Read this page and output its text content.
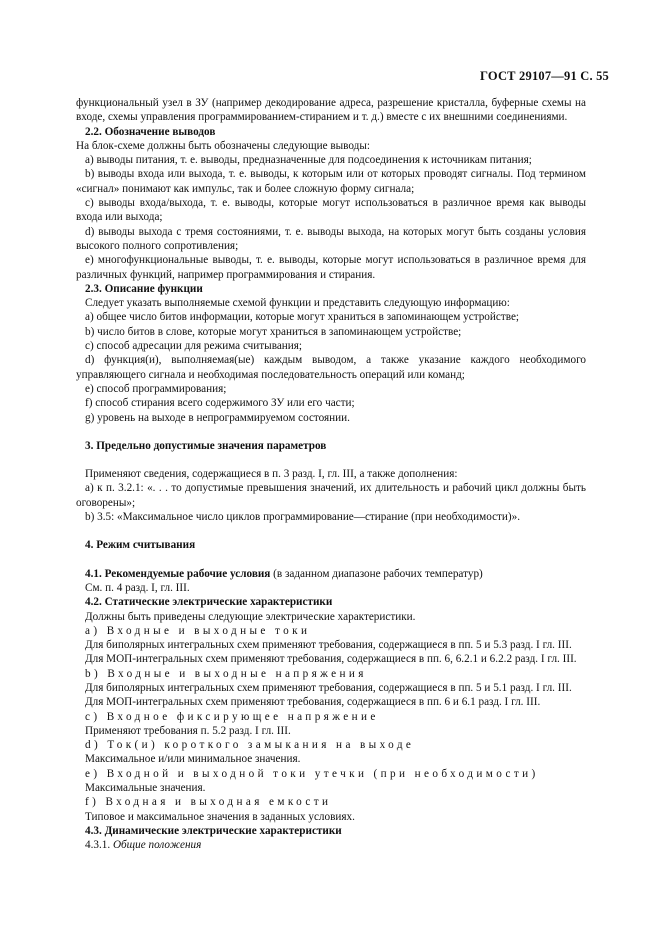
ГОСТ 29107—91 С. 55

функциональный узел в ЗУ (например декодирование адреса, разрешение кристалла, буферные схемы на входе, схемы управления программированием-стиранием и т. д.) вместе с их внешними соединениями.

2.2. Обозначение выводов

На блок-схеме должны быть обозначены следующие выводы:

a) выводы питания, т. е. выводы, предназначенные для подсоединения к источникам питания;

b) выводы входа или выхода, т. е. выводы, к которым или от которых проводят сигналы. Под термином «сигнал» понимают как импульс, так и более сложную форму сигнала;

c) выводы входа/выхода, т. е. выводы, которые могут использоваться в различное время как выводы входа или выхода;

d) выводы выхода с тремя состояниями, т. е. выводы выхода, на которых могут быть созданы условия высокого полного сопротивления;

e) многофункциональные выводы, т. е. выводы, которые могут использоваться в различное время для различных функций, например программирования и стирания.

2.3. Описание функции

Следует указать выполняемые схемой функции и представить следующую информацию:

a) общее число битов информации, которые могут храниться в запоминающем устройстве;

b) число битов в слове, которые могут храниться в запоминающем устройстве;

c) способ адресации для режима считывания;

d) функция(и), выполняемая(ые) каждым выводом, а также указание каждого необходимого управляющего сигнала и необходимая последовательность операций или команд;

e) способ программирования;

f) способ стирания всего содержимого ЗУ или его части;

g) уровень на выходе в непрограммируемом состоянии.

3. Предельно допустимые значения параметров

Применяют сведения, содержащиеся в п. 3 разд. I, гл. III, а также дополнения:

a) к п. 3.2.1: «. . . то допустимые превышения значений, их длительность и рабочий цикл должны быть оговорены»;

b) 3.5: «Максимальное число циклов программирование—стирание (при необходимости)».

4. Режим считывания

4.1. Рекомендуемые рабочие условия (в заданном диапазоне рабочих температур)

См. п. 4 разд. I, гл. III.

4.2. Статические электрические характеристики

Должны быть приведены следующие электрические характеристики.

a) Входные и выходные токи

Для биполярных интегральных схем применяют требования, содержащиеся в пп. 5 и 5.3 разд. I гл. III.

Для МОП-интегральных схем применяют требования, содержащиеся в пп. 6, 6.2.1 и 6.2.2 разд. I гл. III.

b) Входные и выходные напряжения

Для биполярных интегральных схем применяют требования, содержащиеся в пп. 5 и 5.1 разд. I гл. III.

Для МОП-интегральных схем применяют требования, содержащиеся в пп. 6 и 6.1 разд. I гл. III.

c) Входное фиксирующее напряжение

Применяют требования п. 5.2 разд. I гл. III.

d) Ток(и) короткого замыкания на выходе

Максимальное и/или минимальное значения.

e) Входной и выходной токи утечки (при необходимости)

Максимальные значения.

f) Входная и выходная емкости

Типовое и максимальное значения в заданных условиях.

4.3. Динамические электрические характеристики

4.3.1. Общие положения
